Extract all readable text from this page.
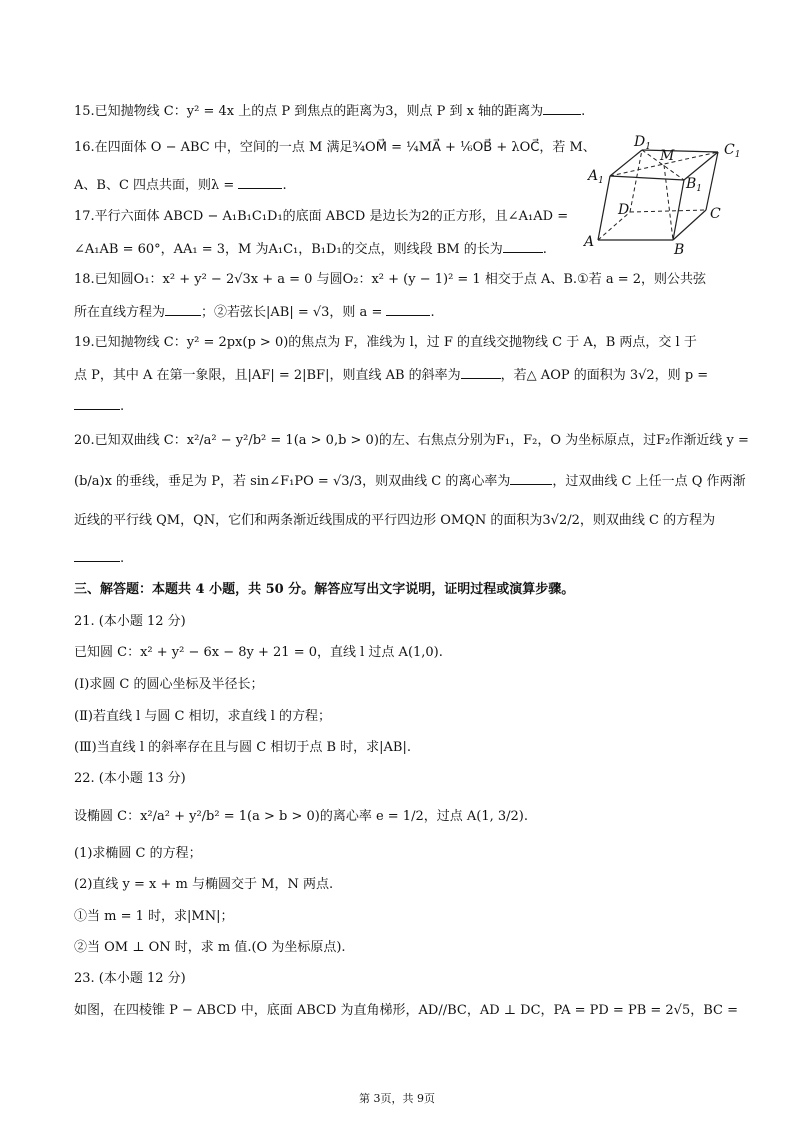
15.已知抛物线 C：y² = 4x 上的点 P 到焦点的距离为3，则点 P 到 x 轴的距离为	.
16.在四面体 O − ABC 中，空间的一点 M 满足¾OM⃗ = ¼MA⃗ + ⅙OB⃗ + λOC⃗，若 M、
A、B、C 四点共面，则λ =	.
17.平行六面体 ABCD − A₁B₁C₁D₁的底面 ABCD 是边长为2的正方形，且∠A₁AD =
∠A₁AB = 60°，AA₁ = 3，M 为A₁C₁，B₁D₁的交点，则线段 BM 的长为	.
18.已知圆O₁：x² + y² − 2√3x + a = 0 与圆O₂：x² + (y − 1)² = 1 相交于点 A、B.①若 a = 2，则公共弦
所在直线方程为	；②若弦长|AB| = √3，则 a =	.
19.已知抛物线 C：y² = 2px(p > 0)的焦点为 F，准线为 l，过 F 的直线交抛物线 C 于 A，B 两点，交 l 于
点 P，其中 A 在第一象限，且|AF| = 2|BF|，则直线 AB 的斜率为	，若△ AOP 的面积为 3√2，则 p =
.
20.已知双曲线 C：x²/a² − y²/b² = 1(a > 0,b > 0)的左、右焦点分别为F₁，F₂，O 为坐标原点，过F₂作渐近线 y =
(b/a)x 的垂线，垂足为 P，若 sin∠F₁PO = √3/3，则双曲线 C 的离心率为	，过双曲线 C 上任一点 Q 作两渐
近线的平行线 QM，QN，它们和两条渐近线围成的平行四边形 OMQN 的面积为3√2/2，则双曲线 C 的方程为
.
三、解答题：本题共 4 小题，共 50 分。解答应写出文字说明，证明过程或演算步骤。
21. (本小题 12 分)
已知圆 C：x² + y² − 6x − 8y + 21 = 0，直线 l 过点 A(1,0).
(Ⅰ)求圆 C 的圆心坐标及半径长；
(Ⅱ)若直线 l 与圆 C 相切，求直线 l 的方程；
(Ⅲ)当直线 l 的斜率存在且与圆 C 相切于点 B 时，求|AB|.
22. (本小题 13 分)
设椭圆 C：x²/a² + y²/b² = 1(a > b > 0)的离心率 e = 1/2，过点 A(1, 3/2).
(1)求椭圆 C 的方程；
(2)直线 y = x + m 与椭圆交于 M，N 两点.
①当 m = 1 时，求|MN|；
②当 OM ⊥ ON 时，求 m 值.(O 为坐标原点).
23. (本小题 12 分)
如图，在四棱锥 P − ABCD 中，底面 ABCD 为直角梯形，AD//BC，AD ⊥ DC，PA = PD = PB = 2√5，BC =
$D_1$
M	$C_1$
$A_1$	$B_1$
D	C
A	B
第 3页，共 9页
